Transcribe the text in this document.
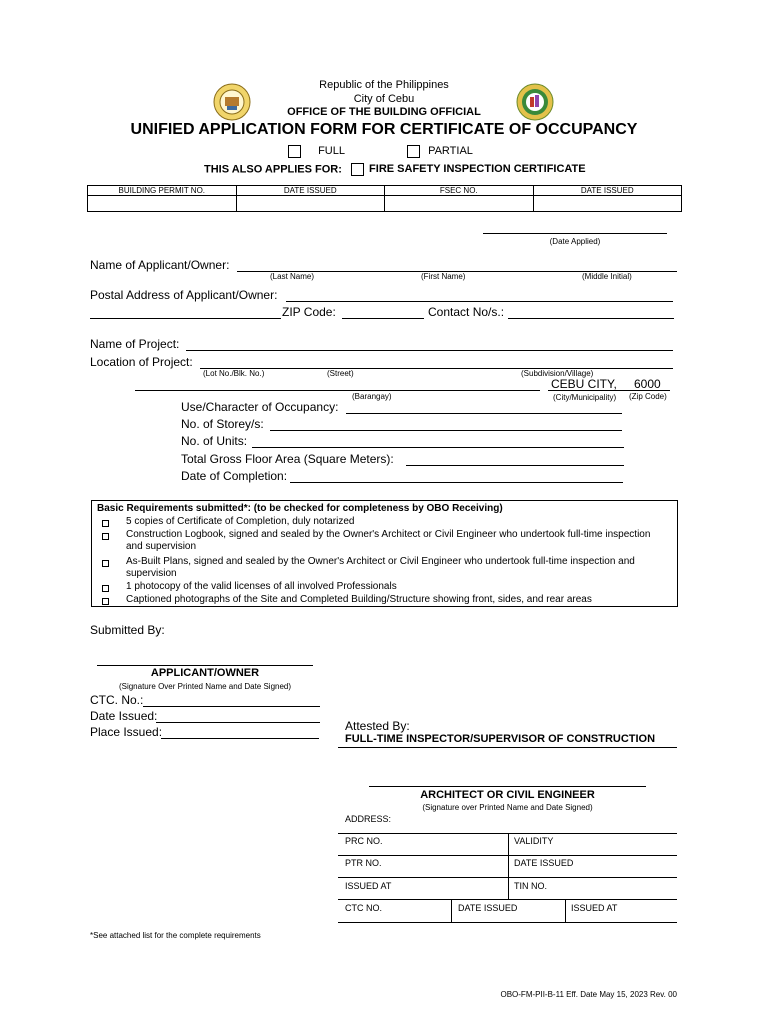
Republic of the Philippines
City of Cebu
OFFICE OF THE BUILDING OFFICIAL
UNIFIED APPLICATION FORM FOR CERTIFICATE OF OCCUPANCY
FULL	PARTIAL
THIS ALSO APPLIES FOR: FIRE SAFETY INSPECTION CERTIFICATE
BUILDING PERMIT NO.	DATE ISSUED	FSEC NO.	DATE ISSUED

(Date Applied)
Name of Applicant/Owner:
(Last Name)	(First Name)	(Middle Initial)
Postal Address of Applicant/Owner:
ZIP Code:	Contact No/s.:
Name of Project:
Location of Project:
(Lot No./Blk. No.)	(Street)	(Subdivision/Village)
CEBU CITY, 6000
(Barangay)	(City/Municipality) (Zip Code)
Use/Character of Occupancy:
No. of Storey/s:
No. of Units:
Total Gross Floor Area (Square Meters):
Date of Completion:
Basic Requirements submitted*: (to be checked for completeness by OBO Receiving)
5 copies of Certificate of Completion, duly notarized
Construction Logbook, signed and sealed by the Owner's Architect or Civil Engineer who undertook full-time inspection and supervision
As-Built Plans, signed and sealed by the Owner's Architect or Civil Engineer who undertook full-time inspection and supervision
1 photocopy of the valid licenses of all involved Professionals
Captioned photographs of the Site and Completed Building/Structure showing front, sides, and rear areas
Submitted By:
APPLICANT/OWNER
(Signature Over Printed Name and Date Signed)
CTC. No.:
Date Issued:
Place Issued:	Attested By:
FULL-TIME INSPECTOR/SUPERVISOR OF CONSTRUCTION
ARCHITECT OR CIVIL ENGINEER
(Signature over Printed Name and Date Signed)
ADDRESS:
PRC NO.	VALIDITY
PTR NO.	DATE ISSUED
ISSUED AT	TIN NO.
CTC NO.	DATE ISSUED	ISSUED AT
*See attached list for the complete requirements
OBO-FM-PII-B-11 Eff. Date May 15, 2023 Rev. 00
